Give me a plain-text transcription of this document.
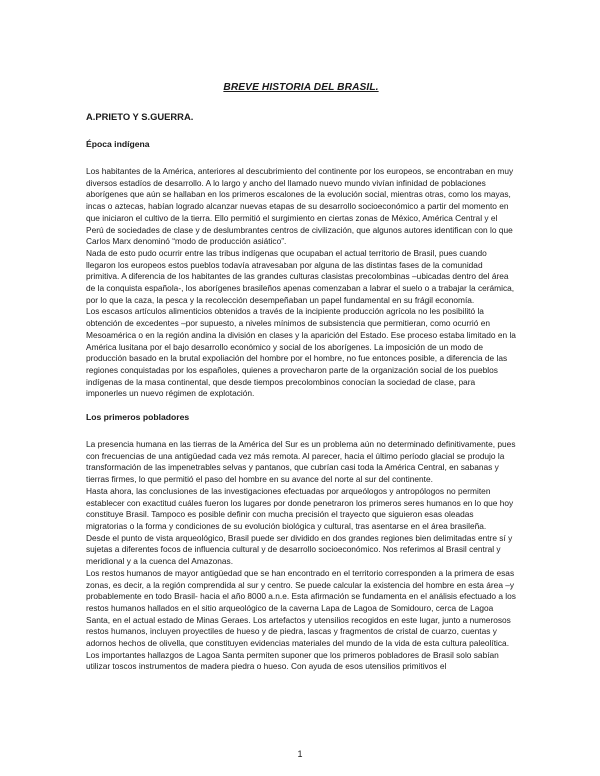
BREVE HISTORIA DEL BRASIL.
A.PRIETO Y S.GUERRA.
Época indígena

Los habitantes de la América, anteriores al descubrimiento del continente por los europeos, se encontraban en muy diversos estadíos de desarrollo. A lo largo y ancho del llamado nuevo mundo vivían infinidad de poblaciones aborígenes que aún se hallaban en los primeros escalones de la evolución social, mientras otras, como los mayas, incas o aztecas, habían logrado alcanzar nuevas etapas de su desarrollo socioeconómico a partir del momento en que iniciaron el cultivo de la tierra. Ello permitió el surgimiento en ciertas zonas de México, América Central y el Perú de sociedades de clase y de deslumbrantes centros de civilización, que algunos autores identifican con lo que Carlos Marx denominó “modo de producción asiático”.

Nada de esto pudo ocurrir entre las tribus indígenas que ocupaban el actual territorio de Brasil, pues cuando llegaron los europeos estos pueblos todavía atravesaban por alguna de las distintas fases de la comunidad primitiva. A diferencia de los habitantes de las grandes culturas clasistas precolombinas –ubicadas dentro del área de la conquista española-, los aborígenes brasileños apenas comenzaban a labrar el suelo o a trabajar la cerámica, por lo que la caza, la pesca y la recolección desempeñaban un papel fundamental en su frágil economía.

Los escasos artículos alimenticios obtenidos a través de la incipiente producción agrícola no les posibilitó la obtención de excedentes –por supuesto, a niveles mínimos de subsistencia que permitieran, como ocurrió en Mesoamérica o en la región andina la división en clases y la aparición del Estado. Ese proceso estaba limitado en la América lusitana por el bajo desarrollo económico y social de los aborígenes. La imposición de un modo de producción basado en la brutal expoliación del hombre por el hombre, no fue entonces posible, a diferencia de las regiones conquistadas por los españoles, quienes a provecharon parte de la organización social de los pueblos indígenas de la masa continental, que desde tiempos precolombinos conocían la sociedad de clase, para imponerles un nuevo régimen de explotación.

Los primeros pobladores

La presencia humana en las tierras de la América del Sur es un problema aún no determinado definitivamente, pues con frecuencias de una antigüedad cada vez más remota. Al parecer, hacia el último período glacial se produjo la transformación de las impenetrables selvas y pantanos, que cubrían casi toda la América Central, en sabanas y tierras firmes, lo que permitió el paso del hombre en su avance del norte al sur del continente.

Hasta ahora, las conclusiones de las investigaciones efectuadas por arqueólogos y antropólogos no permiten establecer con exactitud cuáles fueron los lugares por donde penetraron los primeros seres humanos en lo que hoy constituye Brasil. Tampoco es posible definir con mucha precisión el trayecto que siguieron esas oleadas migratorias o la forma y condiciones de su evolución biológica y cultural, tras asentarse en el área brasileña.

Desde el punto de vista arqueológico, Brasil puede ser dividido en dos grandes regiones bien delimitadas entre sí y sujetas a diferentes focos de influencia cultural y de desarrollo socioeconómico. Nos referimos al Brasil central y meridional y a la cuenca del Amazonas.

Los restos humanos de mayor antigüedad que se han encontrado en el territorio corresponden a la primera de esas zonas, es decir, a la región comprendida al sur y centro. Se puede calcular la existencia del hombre en esta área –y probablemente en todo Brasil- hacia el año 8000 a.n.e. Esta afirmación se fundamenta en el análisis efectuado a los restos humanos hallados en el sitio arqueológico de la caverna Lapa de Lagoa de Somidouro, cerca de Lagoa Santa, en el actual estado de Minas Geraes. Los artefactos y utensilios recogidos en este lugar, junto a numerosos restos humanos, incluyen proyectiles de hueso y de piedra, lascas y fragmentos de cristal de cuarzo, cuentas y adornos hechos de olivella, que constituyen evidencias materiales del mundo de la vida de esta cultura paleolítica.

Los importantes hallazgos de Lagoa Santa permiten suponer que los primeros pobladores de Brasil solo sabían utilizar toscos instrumentos de madera piedra o hueso. Con ayuda de esos utensilios primitivos el

1
